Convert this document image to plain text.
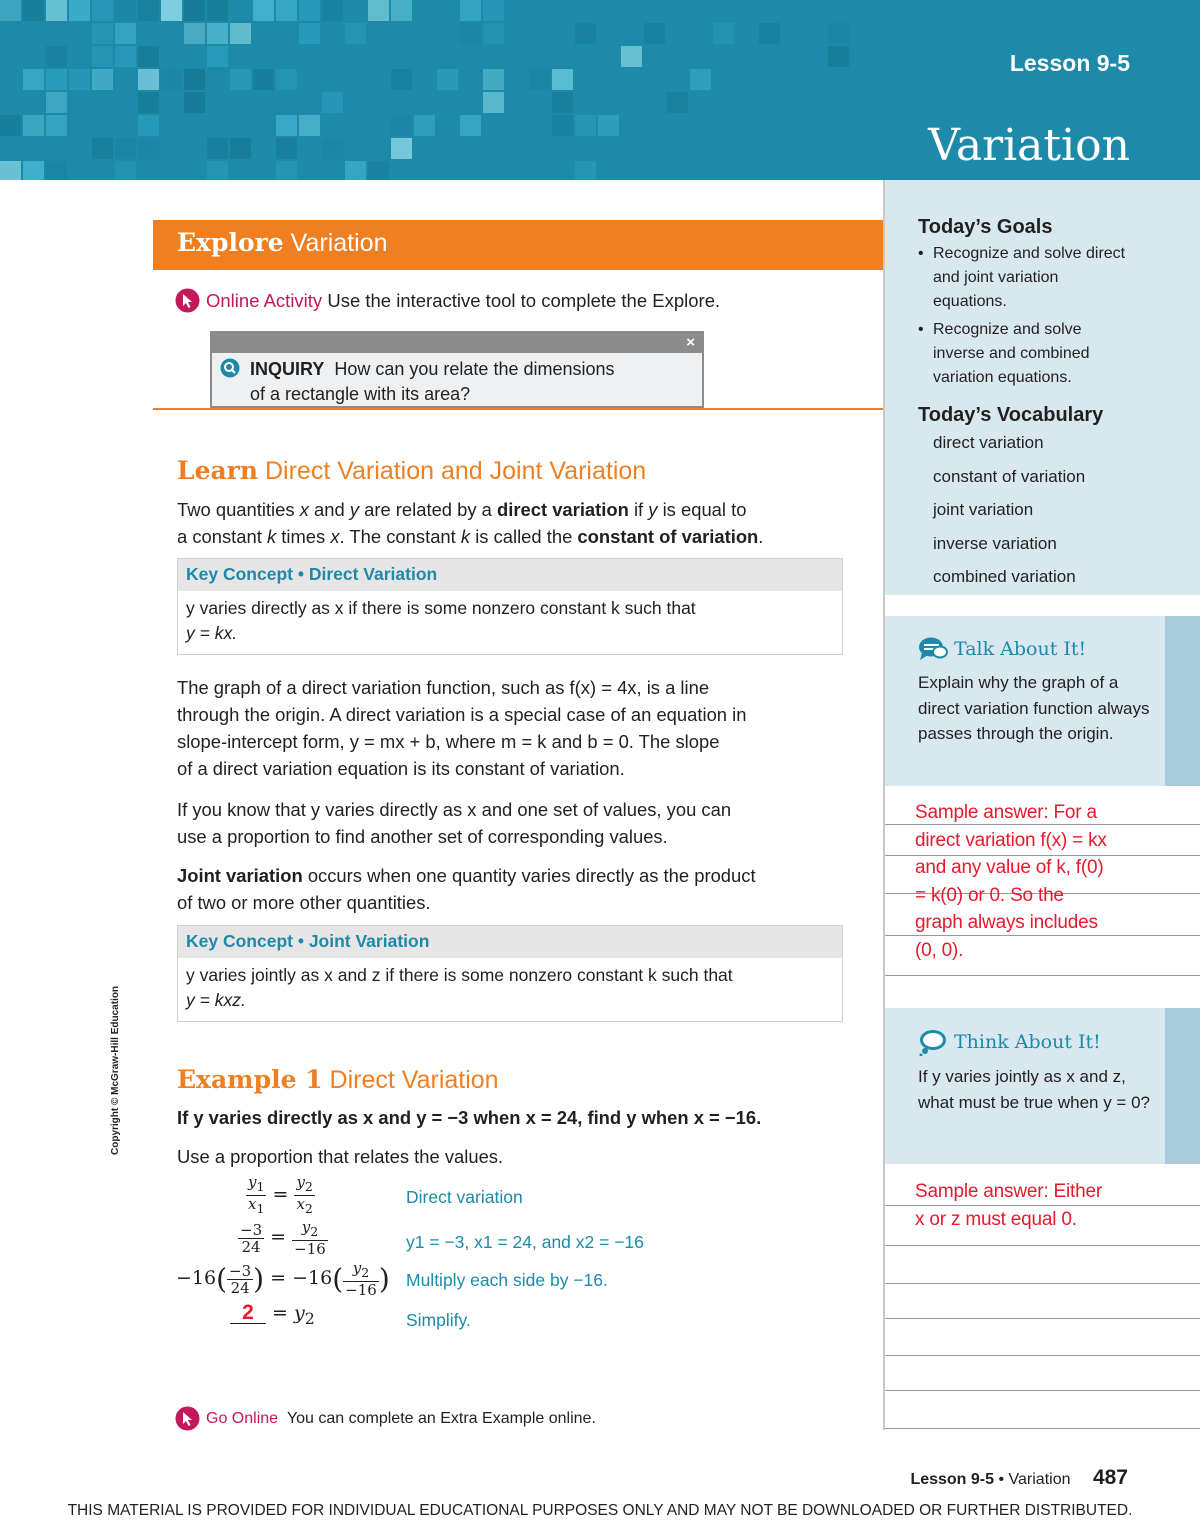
Lesson 9-5
Variation
Today’s Goals
• Recognize and solve direct and joint variation equations.
• Recognize and solve inverse and combined variation equations.
Today’s Vocabulary
direct variation
constant of variation
joint variation
inverse variation
combined variation
Talk About It!
Explain why the graph of a direct variation function always passes through the origin.
Think About It!
If y varies jointly as x and z, what must be true when y = 0?
Sample answer: For a
direct variation f(x) = kx
and any value of k, f(0)
= k(0) or 0. So the
graph always includes
(0, 0).
Sample answer: Either
x or z must equal 0.
Explore Variation
Online Activity
Use the interactive tool to complete the Explore.
×
INQUIRY How can you relate the dimensions
of a rectangle with its area?
Learn Direct Variation and Joint Variation
Two quantities x and y are related by a direct variation if y is equal to
a constant k times x. The constant k is called the constant of variation.
Key Concept • Direct Variation
y varies directly as x if there is some nonzero constant k such that
y = kx.
The graph of a direct variation function, such as f(x) = 4x, is a line
through the origin. A direct variation is a special case of an equation in
slope-intercept form, y = mx + b, where m = k and b = 0. The slope
of a direct variation equation is its constant of variation.
If you know that y varies directly as x and one set of values, you can
use a proportion to find another set of corresponding values.
Joint variation occurs when one quantity varies directly as the product
of two or more other quantities.
Key Concept • Joint Variation
y varies jointly as x and z if there is some nonzero constant k such that
y = kxz.
Example 1 Direct Variation
If y varies directly as x and y = −3 when x = 24, find y when x = −16.
Use a proportion that relates the values.
$\frac{y_1}{x_1} = \frac{y_2}{x_2}$	Direct variation
$\frac{-3}{24} = \frac{y_2}{-16}$	y1 = −3, x1 = 24, and x2 = −16
$-16( \frac{-3}{24}$ ) = $-16( \frac{y_2}{-16}$ ) Multiply each side by −16.
$2 = y_2$	Simplify.
Go Online
You can complete an Extra Example online.
Copyright © McGraw-Hill Education
Lesson 9-5 • Variation 487
THIS MATERIAL IS PROVIDED FOR INDIVIDUAL EDUCATIONAL PURPOSES ONLY AND MAY NOT BE DOWNLOADED OR FURTHER DISTRIBUTED.
